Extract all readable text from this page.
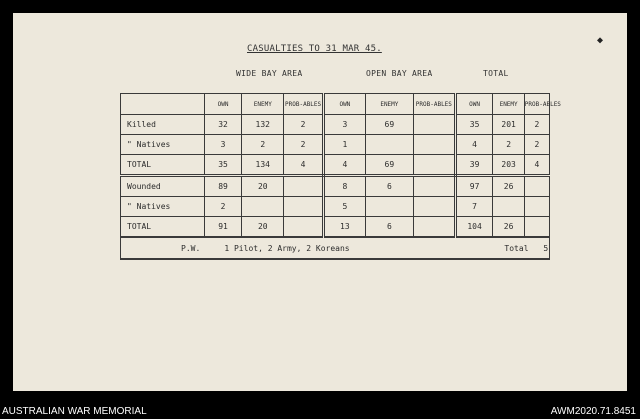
◆
CASUALTIES TO 31 MAR 45.
WIDE BAY AREA	OPEN BAY AREA	TOTAL
	OWN	ENEMY	PROB-ABLES	OWN	ENEMY	PROB-ABLES	OWN	ENEMY	PROB-ABLES
Killed	32	132	2	3	69		35	201	2
" Natives	3	2	2	1			4	2	2
TOTAL	35	134	4	4	69		39	203	4
Wounded	89	20		8	6		97	26	
" Natives	2			5			7		
TOTAL	91	20		13	6		104	26	
P.W. 1 Pilot, 2 Army, 2 Koreans Total 5									
AUSTRALIAN WAR MEMORIAL	AWM2020.71.8451
